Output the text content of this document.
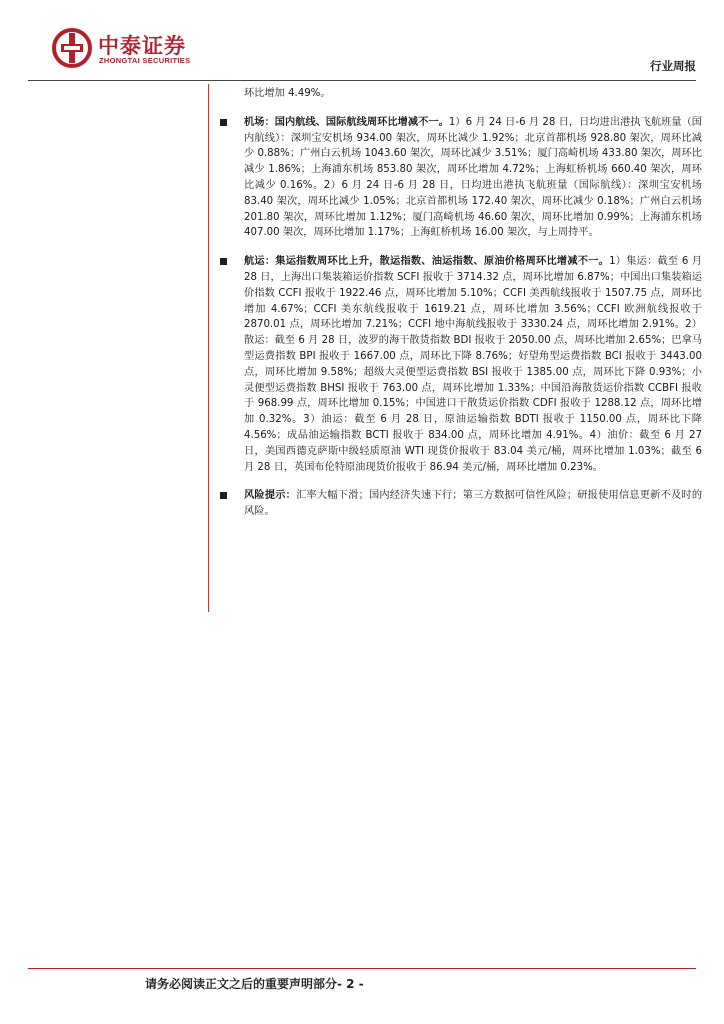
中泰证券
ZHONGTAI SECURITIES	行业周报
环比增加 4.49%。
机场：国内航线、国际航线周环比增减不一。1）6 月 24 日-6 月 28 日，日均进出港执飞航班量（国内航线）：深圳宝安机场 934.00 架次，周环比减少 1.92%；北京首都机场 928.80 架次，周环比减少 0.88%；广州白云机场 1043.60 架次，周环比减少 3.51%；厦门高崎机场 433.80 架次，周环比减少 1.86%；上海浦东机场 853.80 架次，周环比增加 4.72%；上海虹桥机场 660.40 架次，周环比减少 0.16%。2）6 月 24 日-6 月 28 日，日均进出港执飞航班量（国际航线）：深圳宝安机场 83.40 架次，周环比减少 1.05%；北京首都机场 172.40 架次，周环比减少 0.18%；广州白云机场 201.80 架次，周环比增加 1.12%；厦门高崎机场 46.60 架次，周环比增加 0.99%；上海浦东机场 407.00 架次，周环比增加 1.17%；上海虹桥机场 16.00 架次，与上周持平。
航运：集运指数周环比上升，散运指数、油运指数、原油价格周环比增减不一。1）集运：截至 6 月 28 日，上海出口集装箱运价指数 SCFI 报收于 3714.32 点，周环比增加 6.87%；中国出口集装箱运价指数 CCFI 报收于 1922.46 点，周环比增加 5.10%；CCFI 美西航线报收于 1507.75 点，周环比增加 4.67%；CCFI 美东航线报收于 1619.21 点，周环比增加 3.56%；CCFI 欧洲航线报收于 2870.01 点，周环比增加 7.21%；CCFI 地中海航线报收于 3330.24 点，周环比增加 2.91%。2）散运：截至 6 月 28 日，波罗的海干散货指数 BDI 报收于 2050.00 点，周环比增加 2.65%；巴拿马型运费指数 BPI 报收于 1667.00 点，周环比下降 8.76%；好望角型运费指数 BCI 报收于 3443.00 点，周环比增加 9.58%；超级大灵便型运费指数 BSI 报收于 1385.00 点，周环比下降 0.93%；小灵便型运费指数 BHSI 报收于 763.00 点，周环比增加 1.33%；中国沿海散货运价指数 CCBFI 报收于 968.99 点，周环比增加 0.15%；中国进口干散货运价指数 CDFI 报收于 1288.12 点，周环比增加 0.32%。3）油运：截至 6 月 28 日，原油运输指数 BDTI 报收于 1150.00 点，周环比下降 4.56%；成品油运输指数 BCTI 报收于 834.00 点，周环比增加 4.91%。4）油价：截至 6 月 27 日，美国西德克萨斯中级轻质原油 WTI 现货价报收于 83.04 美元/桶，周环比增加 1.03%；截至 6 月 28 日，英国布伦特原油现货价报收于 86.94 美元/桶，周环比增加 0.23%。
风险提示：汇率大幅下滑；国内经济失速下行；第三方数据可信性风险；研报使用信息更新不及时的风险。
请务必阅读正文之后的重要声明部分- 2 -
